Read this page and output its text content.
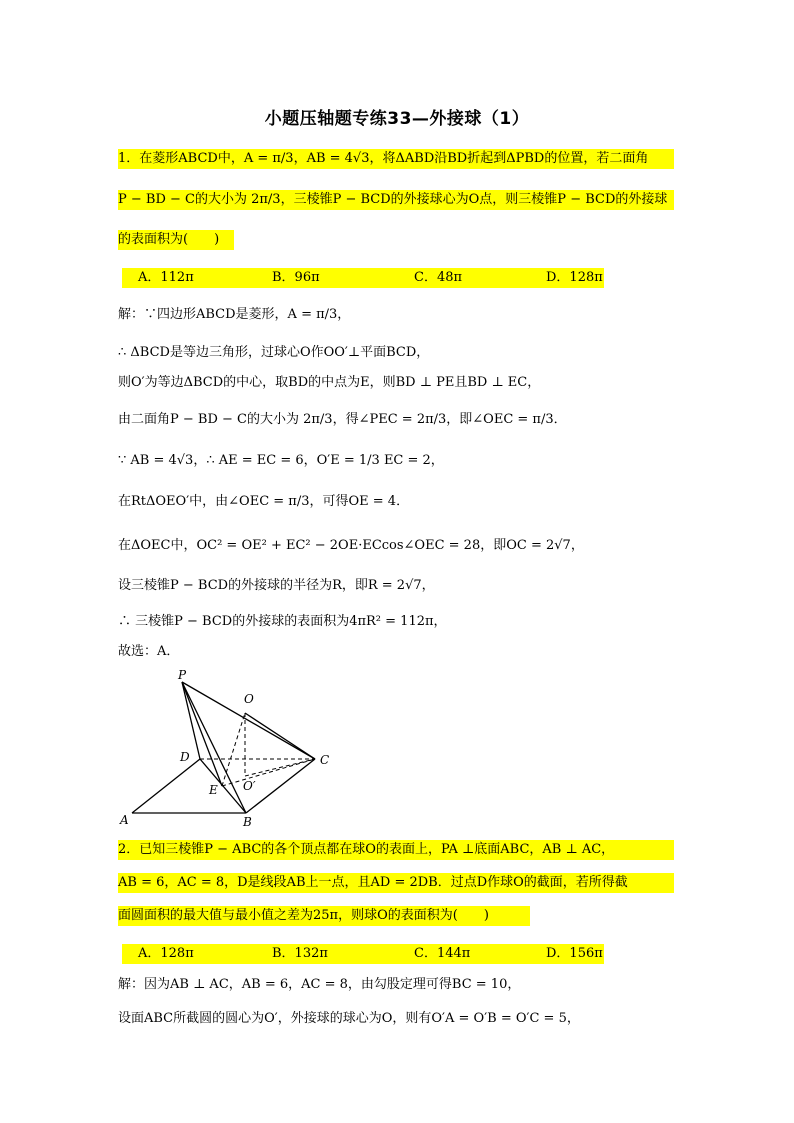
小题压轴题专练33—外接球（1）
1．在菱形ABCD中，A = π/3，AB = 4√3，将ΔABD沿BD折起到ΔPBD的位置，若二面角
P − BD − C的大小为 2π/3，三棱锥P − BCD的外接球心为O点，则三棱锥P − BCD的外接球
的表面积为(　　)
A．112π	B．96π	C．48π	D．128π
解：∵四边形ABCD是菱形，A = π/3，
∴ ΔBCD是等边三角形，过球心O作OO′⊥平面BCD，
则O′为等边ΔBCD的中心，取BD的中点为E，则BD ⊥ PE且BD ⊥ EC，
由二面角P − BD − C的大小为 2π/3，得∠PEC = 2π/3，即∠OEC = π/3．
∵ AB = 4√3，∴ AE = EC = 6，O′E = 1/3 EC = 2，
在RtΔOEO′中，由∠OEC = π/3，可得OE = 4．
在ΔOEC中，OC² = OE² + EC² − 2OE·ECcos∠OEC = 28，即OC = 2√7，
设三棱锥P − BCD的外接球的半径为R，即R = 2√7，
∴ 三棱锥P − BCD的外接球的表面积为4πR² = 112π，
故选：A．
P
O
D	C
E O′
A	B
2．已知三棱锥P − ABC的各个顶点都在球O的表面上，PA ⊥底面ABC，AB ⊥ AC，
AB = 6，AC = 8，D是线段AB上一点，且AD = 2DB．过点D作球O的截面，若所得截
面圆面积的最大值与最小值之差为25π，则球O的表面积为(　　)
A．128π	B．132π	C．144π	D．156π
解：因为AB ⊥ AC，AB = 6，AC = 8，由勾股定理可得BC = 10，
设面ABC所截圆的圆心为O′，外接球的球心为O，则有O′A = O′B = O′C = 5，
